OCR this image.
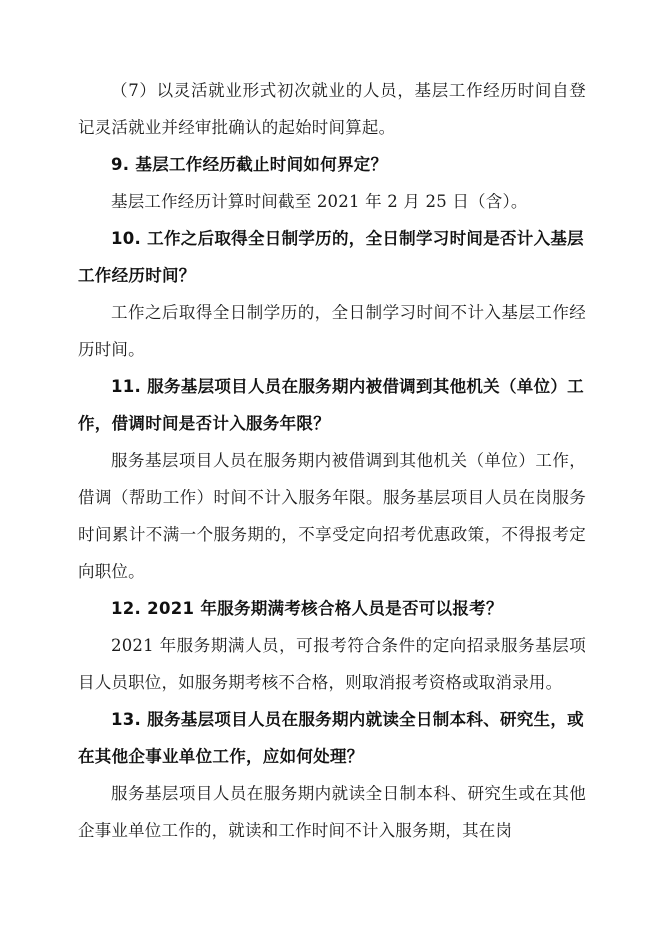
（7）以灵活就业形式初次就业的人员，基层工作经历时间自登记灵活就业并经审批确认的起始时间算起。

9. 基层工作经历截止时间如何界定？

基层工作经历计算时间截至 2021 年 2 月 25 日（含）。

10. 工作之后取得全日制学历的，全日制学习时间是否计入基层工作经历时间？

工作之后取得全日制学历的，全日制学习时间不计入基层工作经历时间。

11. 服务基层项目人员在服务期内被借调到其他机关（单位）工作，借调时间是否计入服务年限？

服务基层项目人员在服务期内被借调到其他机关（单位）工作，借调（帮助工作）时间不计入服务年限。服务基层项目人员在岗服务时间累计不满一个服务期的，不享受定向招考优惠政策，不得报考定向职位。

12. 2021 年服务期满考核合格人员是否可以报考？

2021 年服务期满人员，可报考符合条件的定向招录服务基层项目人员职位，如服务期考核不合格，则取消报考资格或取消录用。

13. 服务基层项目人员在服务期内就读全日制本科、研究生，或在其他企事业单位工作，应如何处理？

服务基层项目人员在服务期内就读全日制本科、研究生或在其他企事业单位工作的，就读和工作时间不计入服务期，其在岗
